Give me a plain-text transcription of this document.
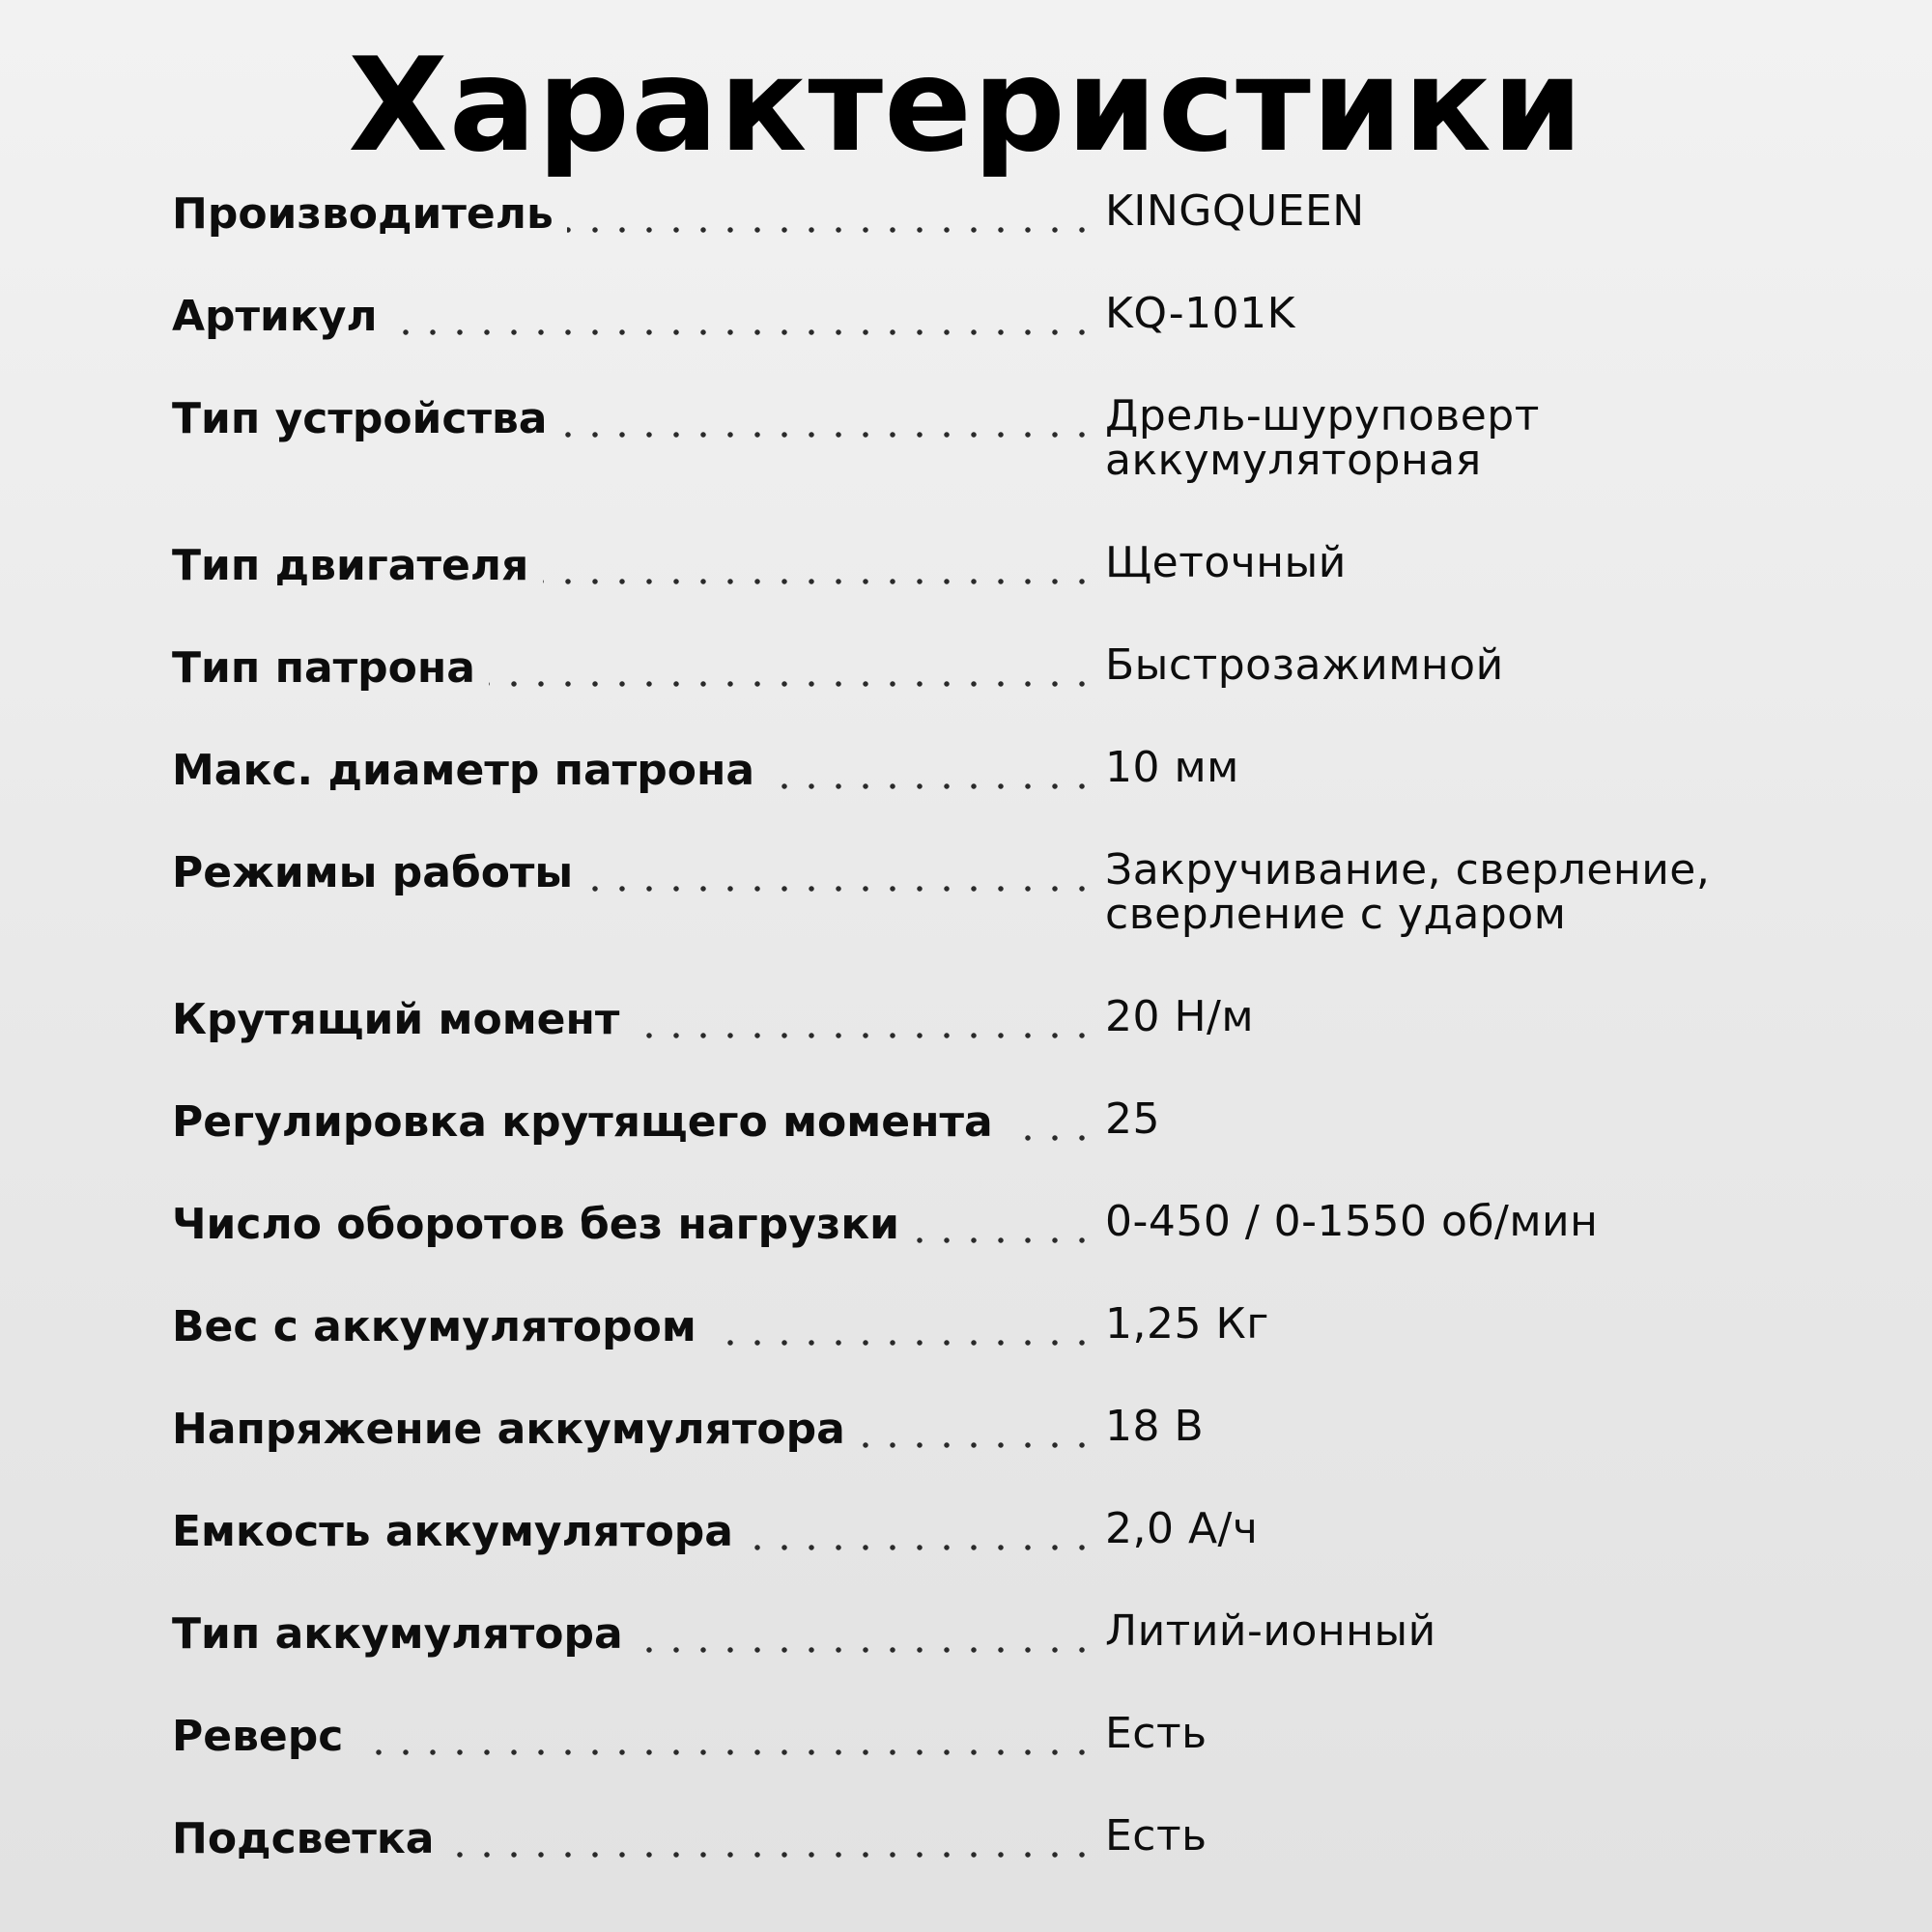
Характеристики
Производитель	KINGQUEEN
Артикул	KQ-101K
Тип устройства	Дрель-шуруповерт
аккумуляторная
Тип двигателя	Щеточный
Тип патрона	Быстрозажимной
Макс. диаметр патрона	10 мм
Режимы работы	Закручивание, сверление,
сверление с ударом
Крутящий момент	20 Н/м
Регулировка крутящего момента	25
Число оборотов без нагрузки	0-450 / 0-1550 об/мин
Вес с аккумулятором	1,25 Кг
Напряжение аккумулятора	18 В
Емкость аккумулятора	2,0 А/ч
Тип аккумулятора	Литий-ионный
Реверс	Есть
Подсветка	Есть
